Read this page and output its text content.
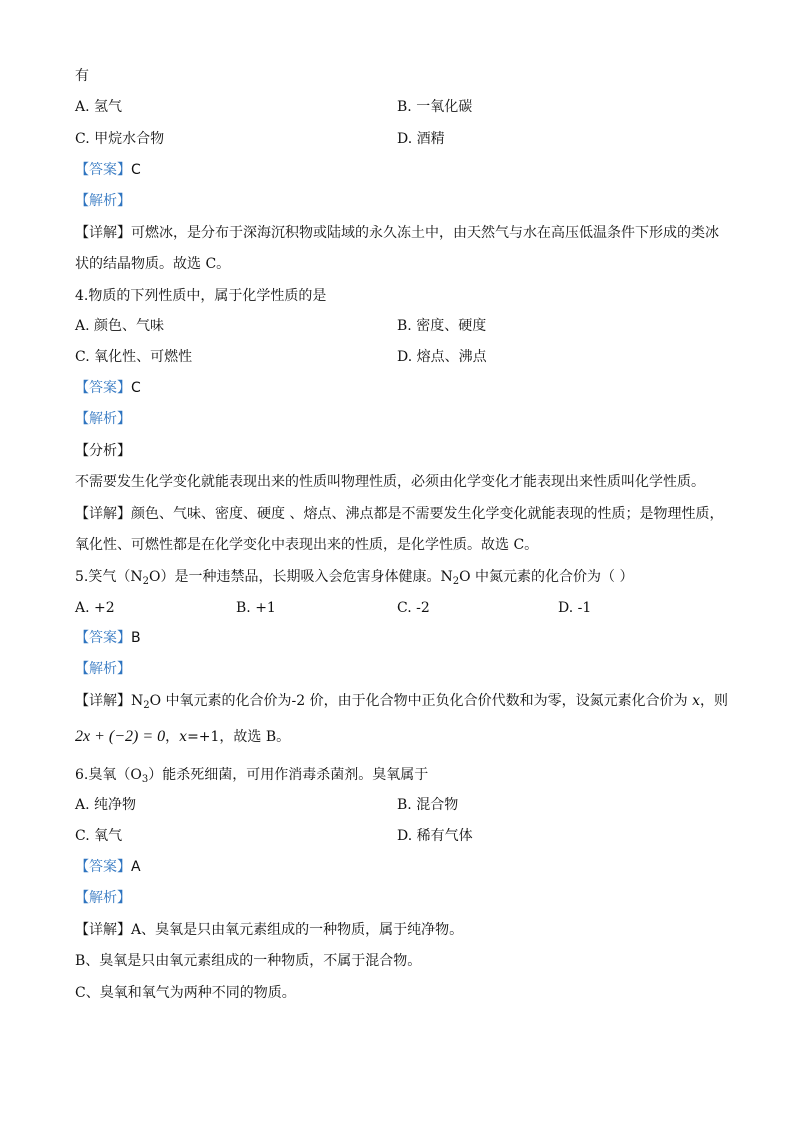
有
A. 氢气	B. 一氧化碳
C. 甲烷水合物	D. 酒精
【答案】C
【解析】
【详解】可燃冰，是分布于深海沉积物或陆域的永久冻土中，由天然气与水在高压低温条件下形成的类冰
状的结晶物质。故选 C。
4.物质的下列性质中，属于化学性质的是
A. 颜色、气味	B. 密度、硬度
C. 氧化性、可燃性	D. 熔点、沸点
【答案】C
【解析】
【分析】
不需要发生化学变化就能表现出来的性质叫物理性质，必须由化学变化才能表现出来性质叫化学性质。
【详解】颜色、气味、密度、硬度 、熔点、沸点都是不需要发生化学变化就能表现的性质；是物理性质，
氧化性、可燃性都是在化学变化中表现出来的性质，是化学性质。故选 C。
5.笑气$(N_2O)$是一种违禁品，长期吸入会危害身体健康。$N_2O$ 中氮元素的化合价为（ ）
A. +2	B. +1	C. -2	D. -1
【答案】B
【解析】
【详解】$N_2O$ 中氧元素的化合价为-2 价，由于化合物中正负化合价代数和为零，设氮元素化合价为 x，则
2x + (−2) = 0，x=+1，故选 B。
6.臭氧$(O_3)$能杀死细菌，可用作消毒杀菌剂。臭氧属于
A. 纯净物	B. 混合物
C. 氧气	D. 稀有气体
【答案】A
【解析】
【详解】A、臭氧是只由氧元素组成的一种物质，属于纯净物。
B、臭氧是只由氧元素组成的一种物质，不属于混合物。
C、臭氧和氧气为两种不同的物质。
